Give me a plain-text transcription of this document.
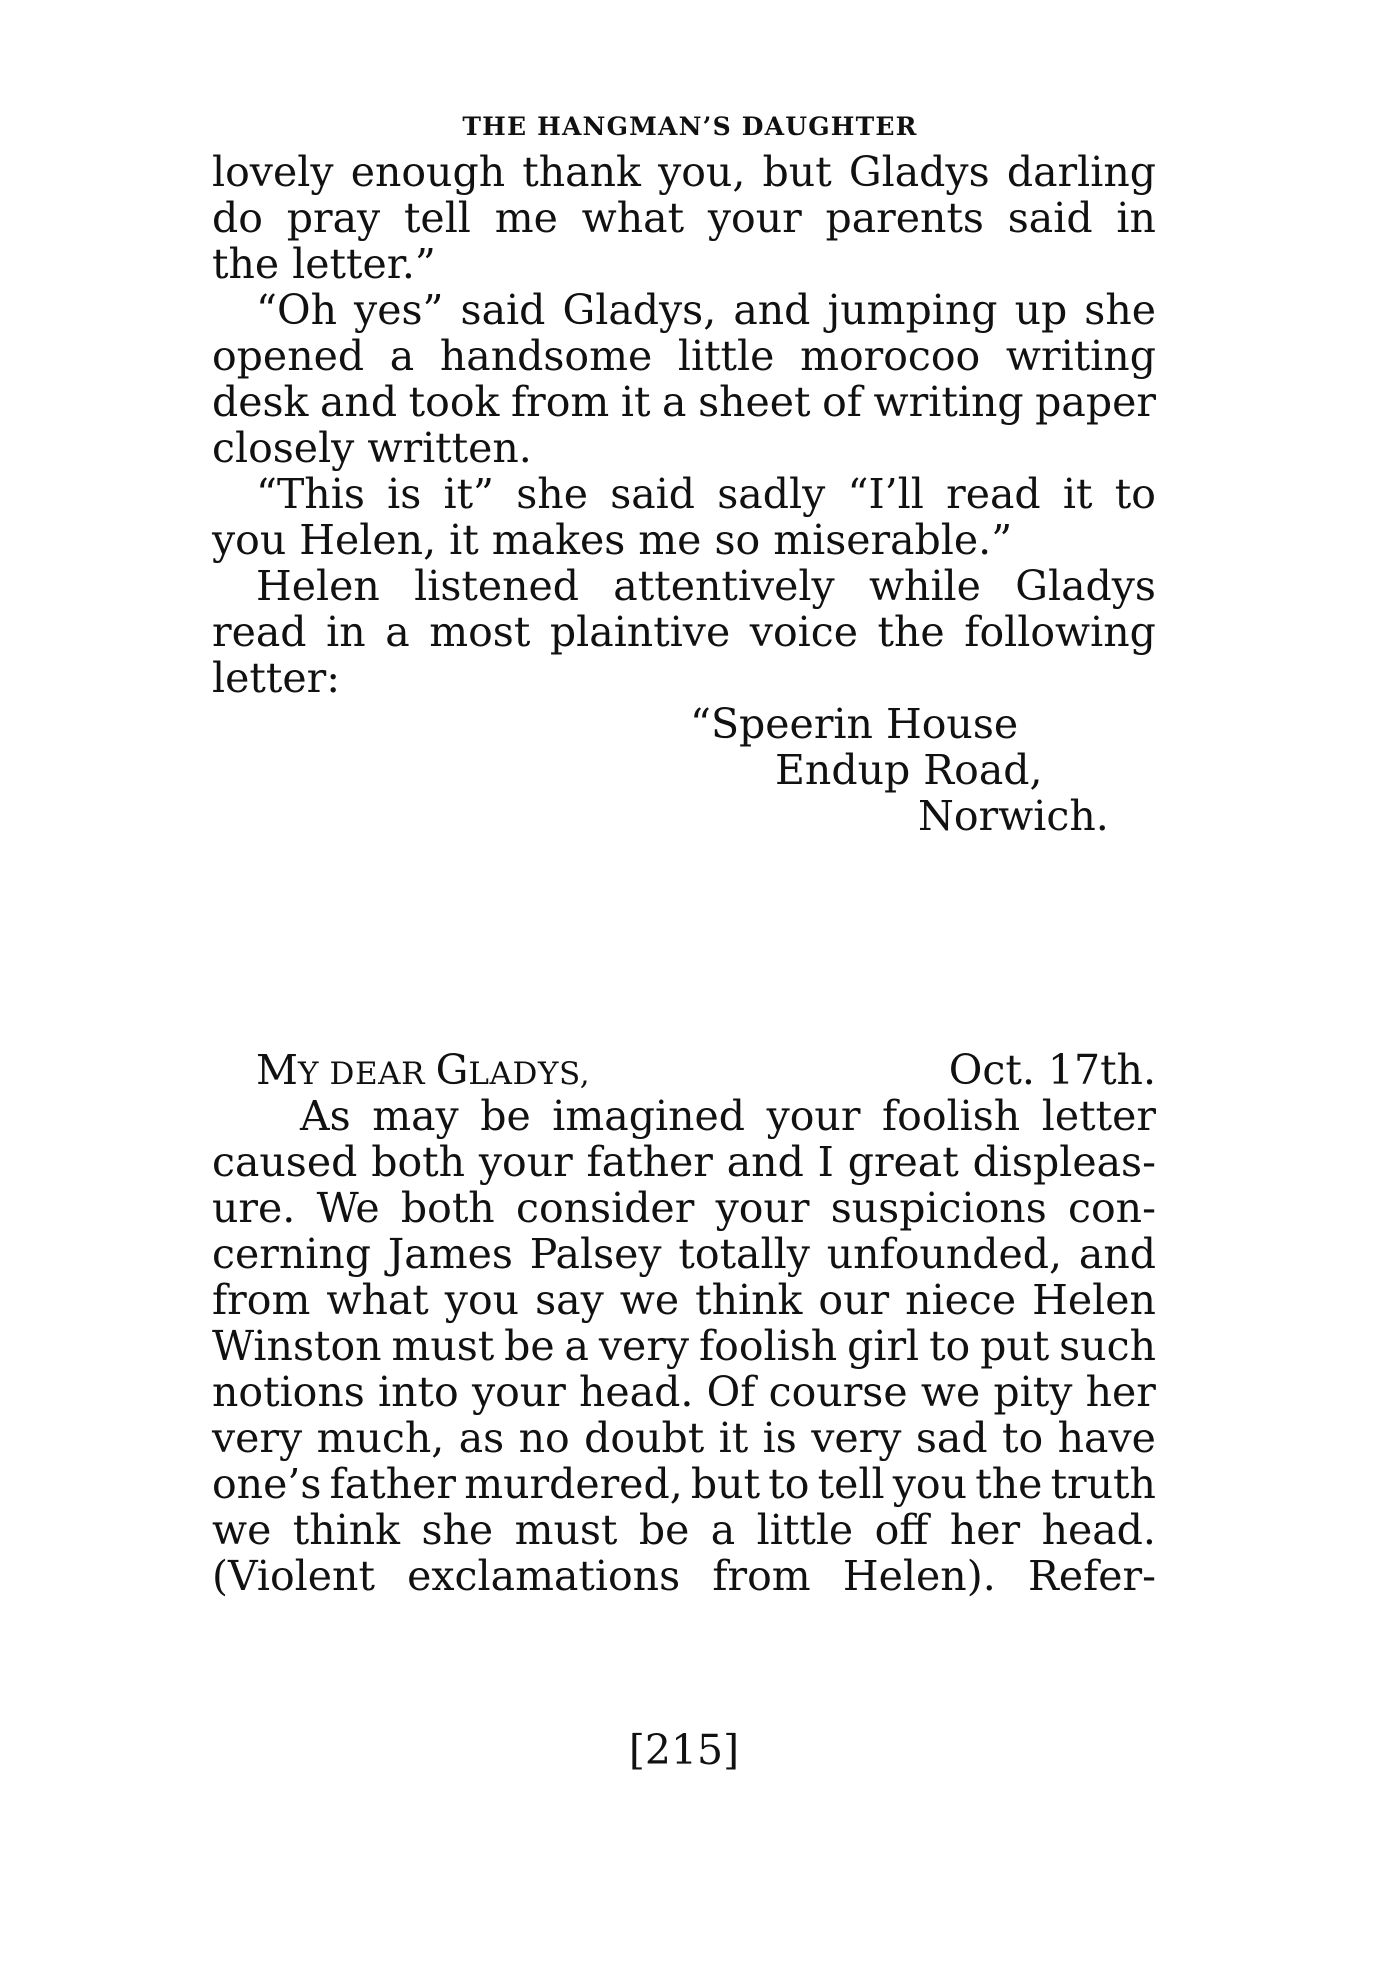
THE HANGMAN’S DAUGHTER
lovely enough thank you, but Gladys darling
do pray tell me what your parents said in
the letter.”
“Oh yes” said Gladys, and jumping up she
opened a handsome little morocoo writing
desk and took from it a sheet of writing paper
closely written.
“This is it” she said sadly “I’ll read it to
you Helen, it makes me so miserable.”
Helen listened attentively while Gladys
read in a most plaintive voice the following
letter:
“Speerin House
Endup Road,
Norwich.
MY DEAR GLADYS,	Oct. 17th.
As may be imagined your foolish letter
caused both your father and I great displeas-
ure. We both consider your suspicions con-
cerning James Palsey totally unfounded, and
from what you say we think our niece Helen
Winston must be a very foolish girl to put such
notions into your head. Of course we pity her
very much, as no doubt it is very sad to have
one’s father murdered, but to tell you the truth
we think she must be a little off her head.
(Violent exclamations from Helen). Refer-
[215]
